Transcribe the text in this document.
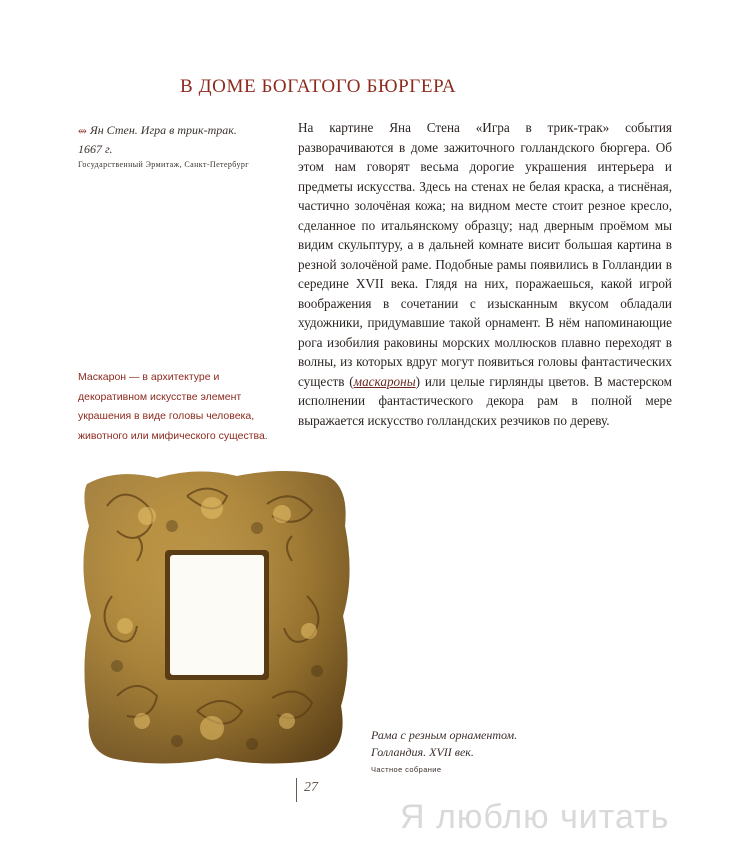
В ДОМЕ БОГАТОГО БЮРГЕРА
⥈ Ян Стен. Игра в трик-трак.
1667 г.
Государственный Эрмитаж, Санкт-Петербург
На картине Яна Стена «Игра в трик-трак» события разворачиваются в доме зажиточного голландского бюргера. Об этом нам говорят весьма дорогие украшения интерьера и предметы искусства. Здесь на стенах не белая краска, а тиснёная, частично золочёная кожа; на видном месте стоит резное кресло, сделанное по итальянскому образцу; над дверным проёмом мы видим скульптуру, а в дальней комнате висит большая картина в резной золочёной раме. Подобные рамы появились в Голландии в середине XVII века. Глядя на них, поражаешься, какой игрой воображения в сочетании с изысканным вкусом обладали художники, придумавшие такой орнамент. В нём напоминающие рога изобилия раковины морских моллюсков плавно переходят в волны, из которых вдруг могут появиться головы фантастических существ (маскароны) или целые гирлянды цветов. В мастерском исполнении фантастического декора рам в полной мере выражается искусство голландских резчиков по дереву.
Маскарон — в архитектуре и декоративном искусстве элемент украшения в виде головы человека, животного или мифического существа.
Рама с резным орнаментом.
Голландия. XVII век.
Частное собрание
27
Я люблю читать
